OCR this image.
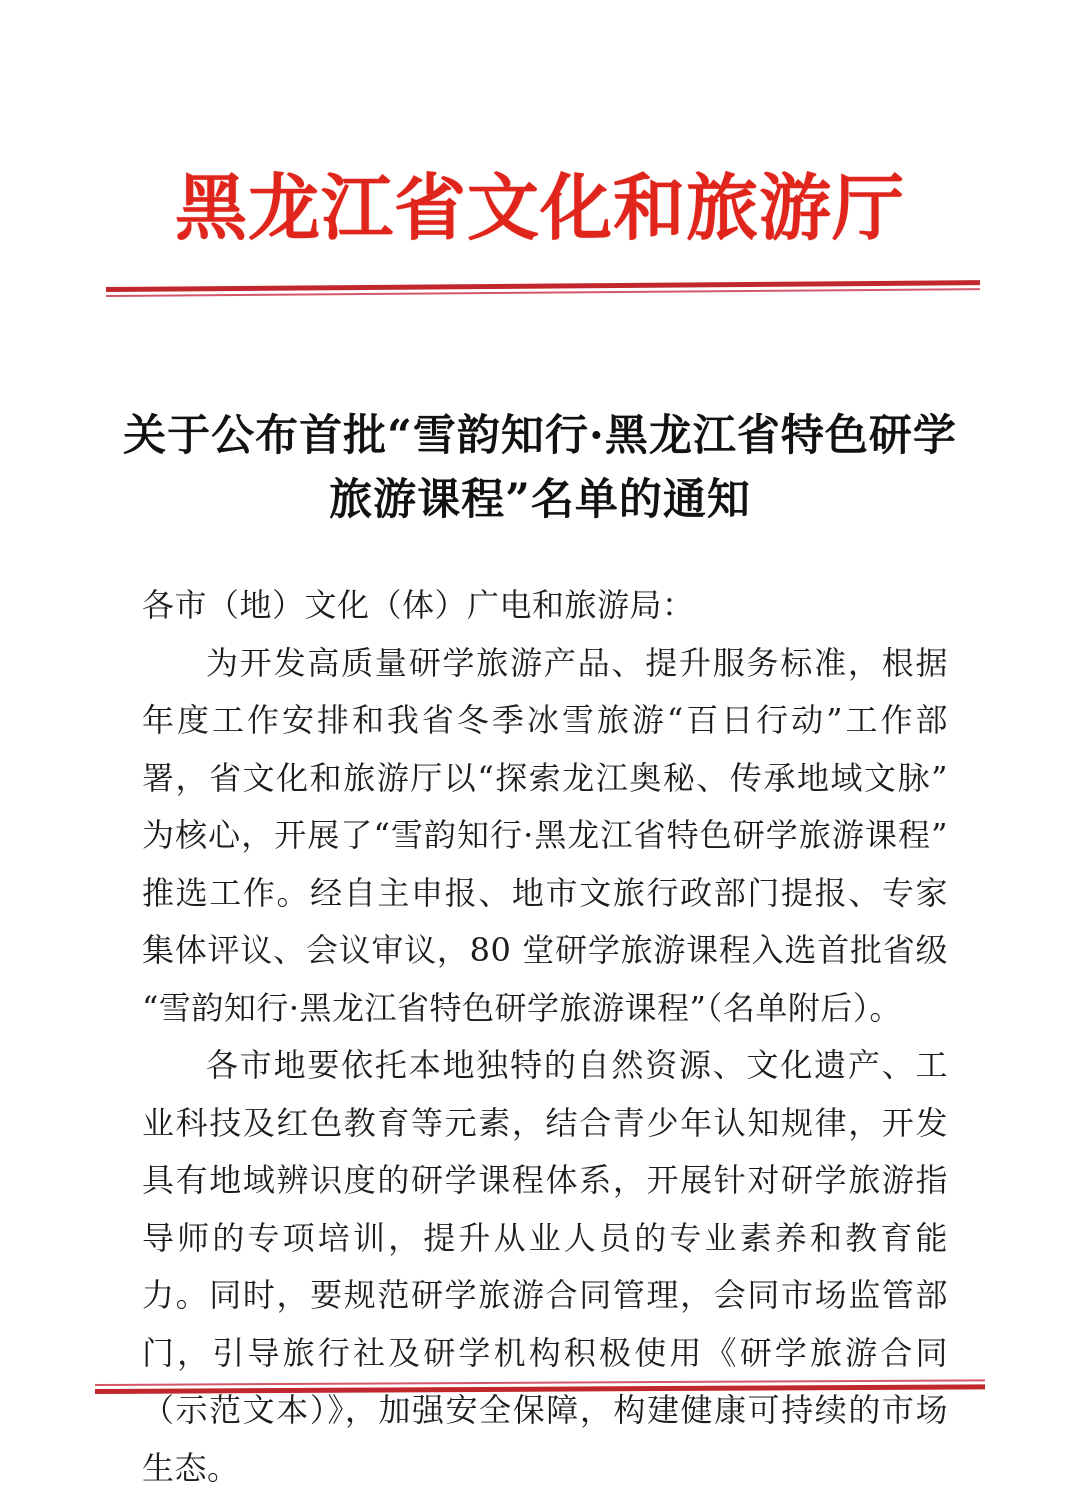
黑龙江省文化和旅游厅
关于公布首批“雪韵知行·黑龙江省特色研学
旅游课程”名单的通知

各市（地）文化（体）广电和旅游局：

为开发高质量研学旅游产品、提升服务标准，根据年度工作安排和我省冬季冰雪旅游“百日行动”工作部署，省文化和旅游厅以“探索龙江奥秘、传承地域文脉”为核心，开展了“雪韵知行·黑龙江省特色研学旅游课程”推选工作。经自主申报、地市文旅行政部门提报、专家集体评议、会议审议，80 堂研学旅游课程入选首批省级“雪韵知行·黑龙江省特色研学旅游课程”（名单附后）。

各市地要依托本地独特的自然资源、文化遗产、工业科技及红色教育等元素，结合青少年认知规律，开发具有地域辨识度的研学课程体系，开展针对研学旅游指导师的专项培训，提升从业人员的专业素养和教育能力。同时，要规范研学旅游合同管理，会同市场监管部门，引导旅行社及研学机构积极使用《研学旅游合同（示范文本）》，加强安全保障，构建健康可持续的市场生态。
